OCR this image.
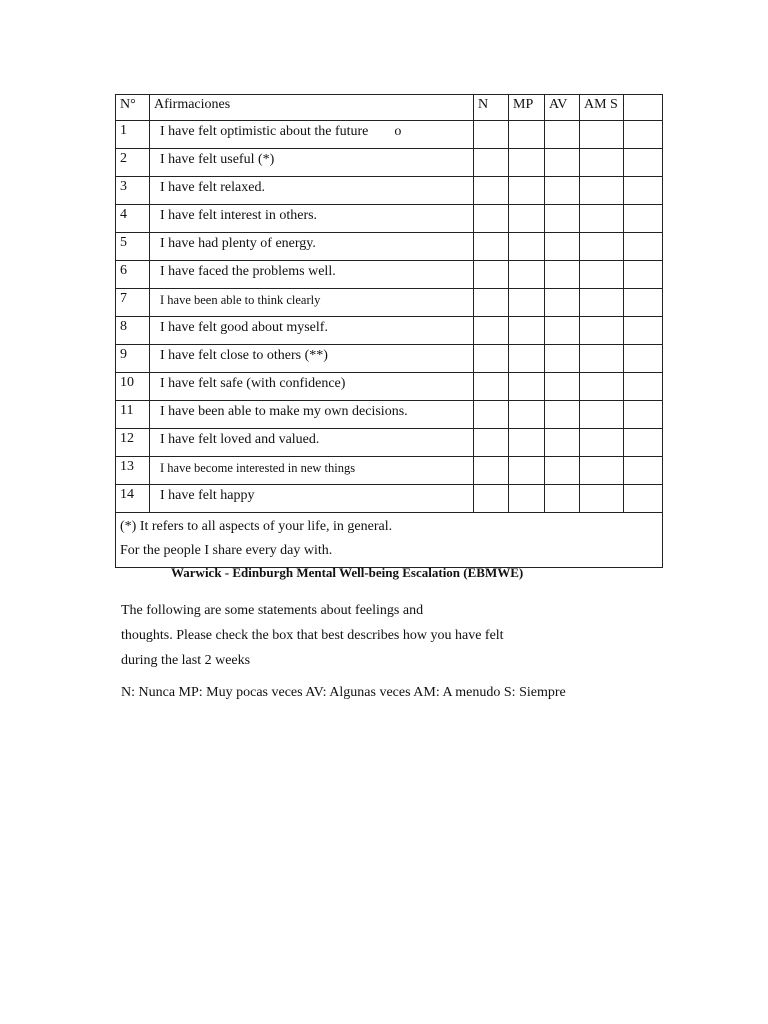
N°	Afirmaciones	N	MP	AV	AM S	
1	I have felt optimistic about the future o					
2	I have felt useful (*)					
3	I have felt relaxed.					
4	I have felt interest in others.					
5	I have had plenty of energy.					
6	I have faced the problems well.					
7	I have been able to think clearly					
8	I have felt good about myself.					
9	I have felt close to others (**)					
10	I have felt safe (with confidence)					
11	I have been able to make my own decisions.					
12	I have felt loved and valued.					
13	I have become interested in new things					
14	I have felt happy					

(*) It refers to all aspects of your life, in general.
For the people I share every day with.						
Warwick - Edinburgh Mental Well-being Escalation (EBMWE)
The following are some statements about feelings and
thoughts. Please check the box that best describes how you have felt
during the last 2 weeks
N: Nunca MP: Muy pocas veces AV: Algunas veces AM: A menudo S: Siempre
